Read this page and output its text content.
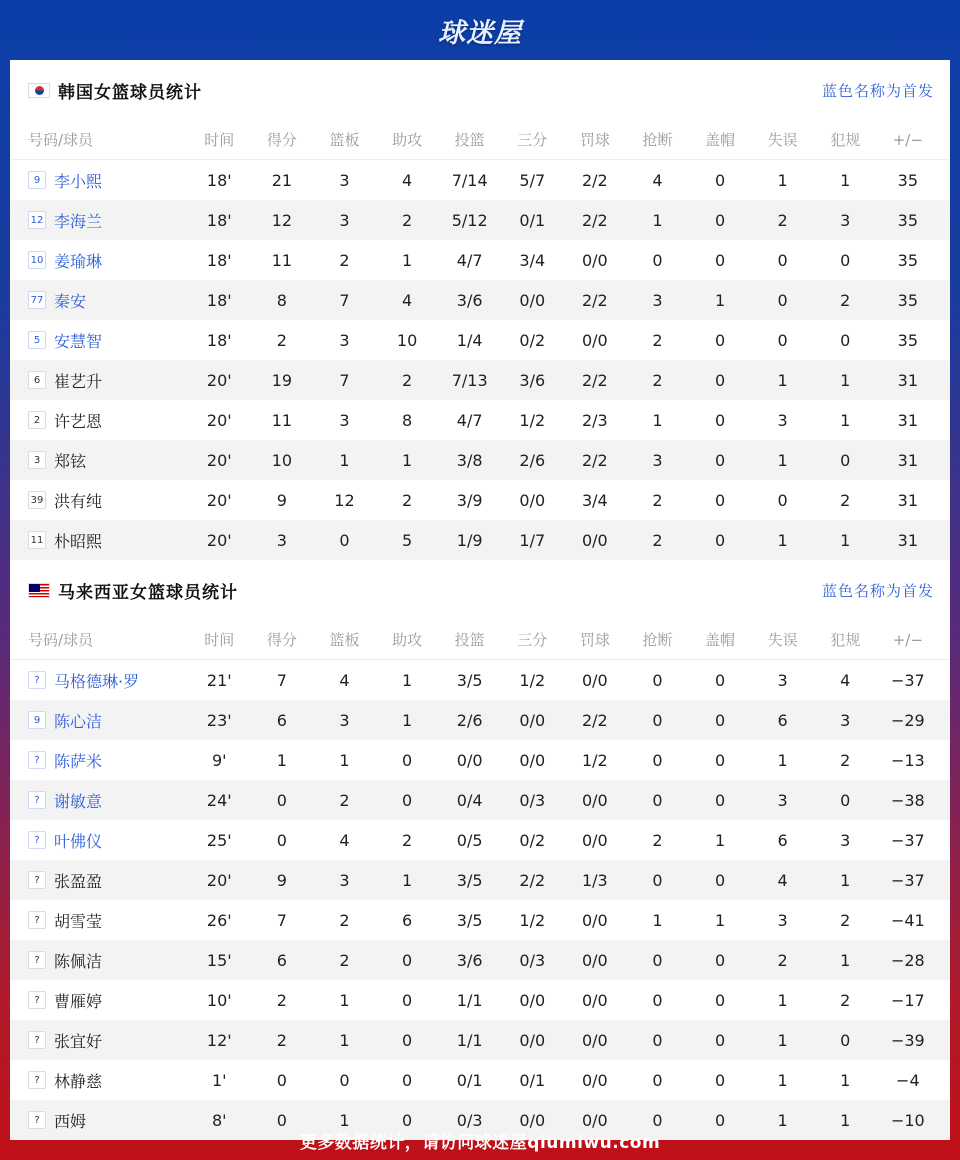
球迷屋
韩国女篮球员统计	蓝色名称为首发
号码/球员	时间	得分	篮板	助攻	投篮	三分	罚球	抢断	盖帽	失误	犯规	+/−
9 李小熙	18'	21	3	4	7/14	5/7	2/2	4	0	1	1	35
12 李海兰	18'	12	3	2	5/12	0/1	2/2	1	0	2	3	35
10 姜瑜琳	18'	11	2	1	4/7	3/4	0/0	0	0	0	0	35
77 秦安	18'	8	7	4	3/6	0/0	2/2	3	1	0	2	35
5 安慧智	18'	2	3	10	1/4	0/2	0/0	2	0	0	0	35
6 崔艺升	20'	19	7	2	7/13	3/6	2/2	2	0	1	1	31
2 许艺恩	20'	11	3	8	4/7	1/2	2/3	1	0	3	1	31
3 郑铉	20'	10	1	1	3/8	2/6	2/2	3	0	1	0	31
39 洪有纯	20'	9	12	2	3/9	0/0	3/4	2	0	0	2	31
11 朴昭熙	20'	3	0	5	1/9	1/7	0/0	2	0	1	1	31
马来西亚女篮球员统计	蓝色名称为首发
号码/球员	时间	得分	篮板	助攻	投篮	三分	罚球	抢断	盖帽	失误	犯规	+/−
? 马格德琳·罗	21'	7	4	1	3/5	1/2	0/0	0	0	3	4	−37
9 陈心洁	23'	6	3	1	2/6	0/0	2/2	0	0	6	3	−29
? 陈萨米	9'	1	1	0	0/0	0/0	1/2	0	0	1	2	−13
? 谢敏意	24'	0	2	0	0/4	0/3	0/0	0	0	3	0	−38
? 叶佛仪	25'	0	4	2	0/5	0/2	0/0	2	1	6	3	−37
? 张盈盈	20'	9	3	1	3/5	2/2	1/3	0	0	4	1	−37
? 胡雪莹	26'	7	2	6	3/5	1/2	0/0	1	1	3	2	−41
? 陈佩洁	15'	6	2	0	3/6	0/3	0/0	0	0	2	1	−28
? 曹雁婷	10'	2	1	0	1/1	0/0	0/0	0	0	1	2	−17
? 张宜好	12'	2	1	0	1/1	0/0	0/0	0	0	1	0	−39
? 林静慈	1'	0	0	0	0/1	0/1	0/0	0	0	1	1	−4
? 西姆	8'	0	1	0	0/3	0/0	0/0	0	0	1	1	−10
更多数据统计，请访问球迷屋qiumiwu.com
